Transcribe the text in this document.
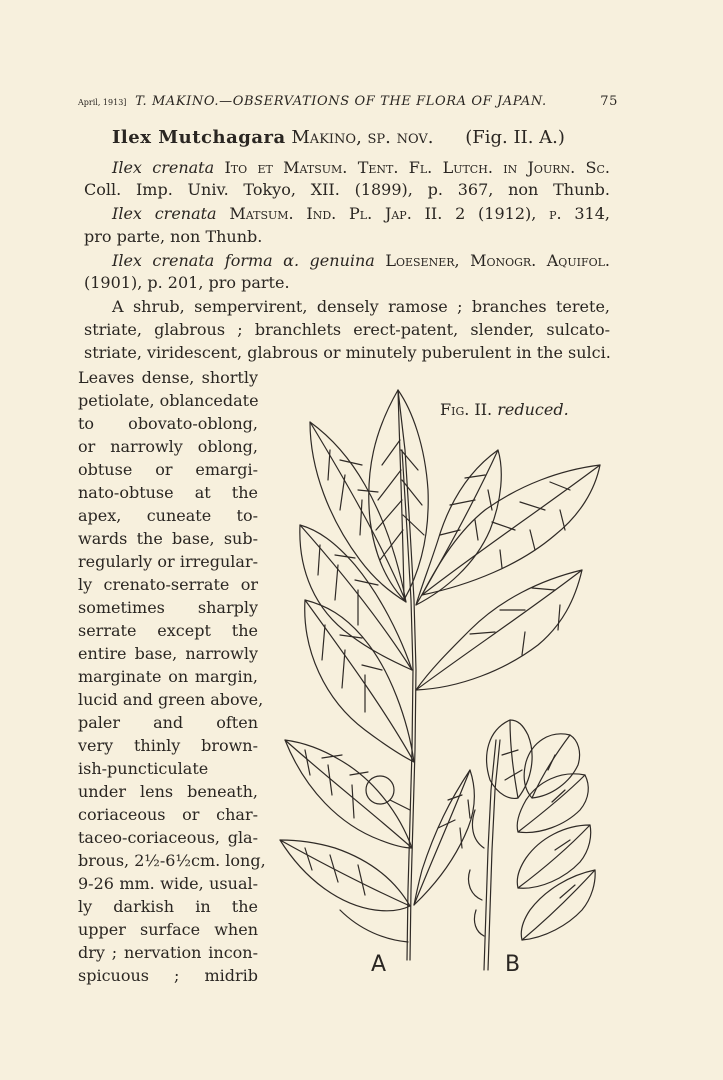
April, 1913] T. MAKINO.—OBSERVATIONS OF THE FLORA OF JAPAN.	75
Ilex Mutchagara Makino, sp. nov. (Fig. II. A.)
Ilex crenata Ito et Matsum. Tent. Fl. Lutch. in Journ. Sc.
Coll. Imp. Univ. Tokyo, XII. (1899), p. 367, non Thunb.
Ilex crenata Matsum. Ind. Pl. Jap. II. 2 (1912), p. 314,
pro parte, non Thunb.
Ilex crenata forma α. genuina Loesener, Monogr. Aquifol.
(1901), p. 201, pro parte.
A shrub, sempervirent, densely ramose ; branches terete,
striate, glabrous ; branchlets erect-patent, slender, sulcato-
striate, viridescent, glabrous or minutely puberulent in the sulci.
Leaves dense, shortly
petiolate, oblancedate
to obovato-oblong,
or narrowly oblong,
obtuse or emargi-
nato-obtuse at the
apex, cuneate to-
wards the base, sub-
regularly or irregular-
ly crenato-serrate or
sometimes sharply
serrate except the
entire base, narrowly
marginate on margin,
lucid and green above,
paler and often
very thinly brown-
ish-puncticulate
under lens beneath,
coriaceous or char-
taceo-coriaceous, gla-
brous, 2½-6½cm. long,
9-26 mm. wide, usual-
ly darkish in the
upper surface when
dry ; nervation incon-
spicuous ; midrib
Fig. II. reduced.
A	B
